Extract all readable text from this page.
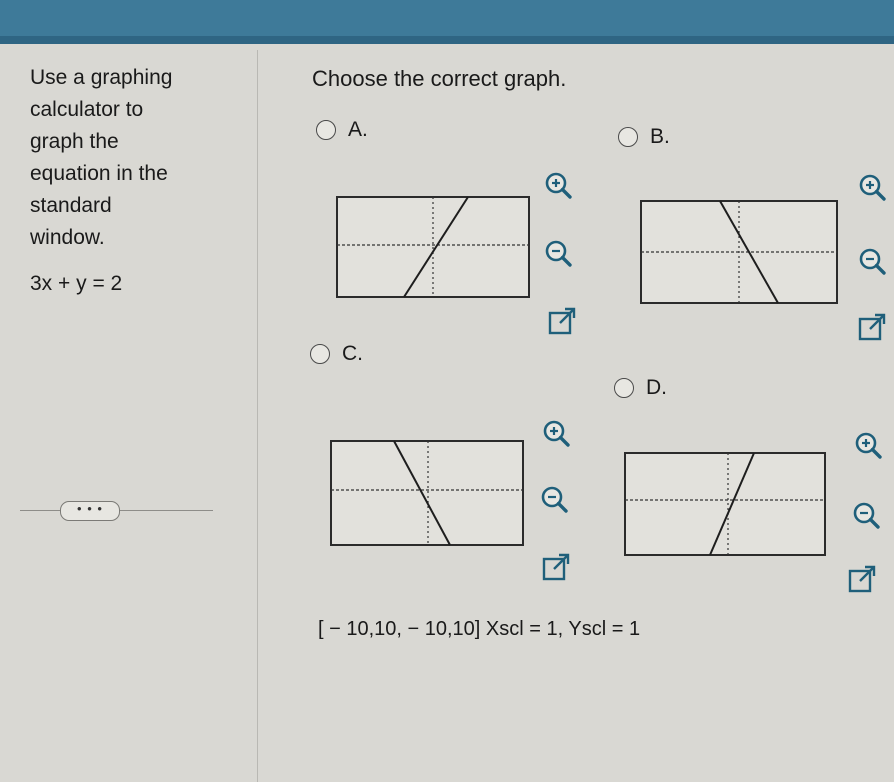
Use a graphing
calculator to
graph the
equation in the
standard
window.
3x + y = 2
• • •
Choose the correct graph.
A.	B.
C.
D.
[ − 10,10, − 10,10] Xscl = 1, Yscl = 1
